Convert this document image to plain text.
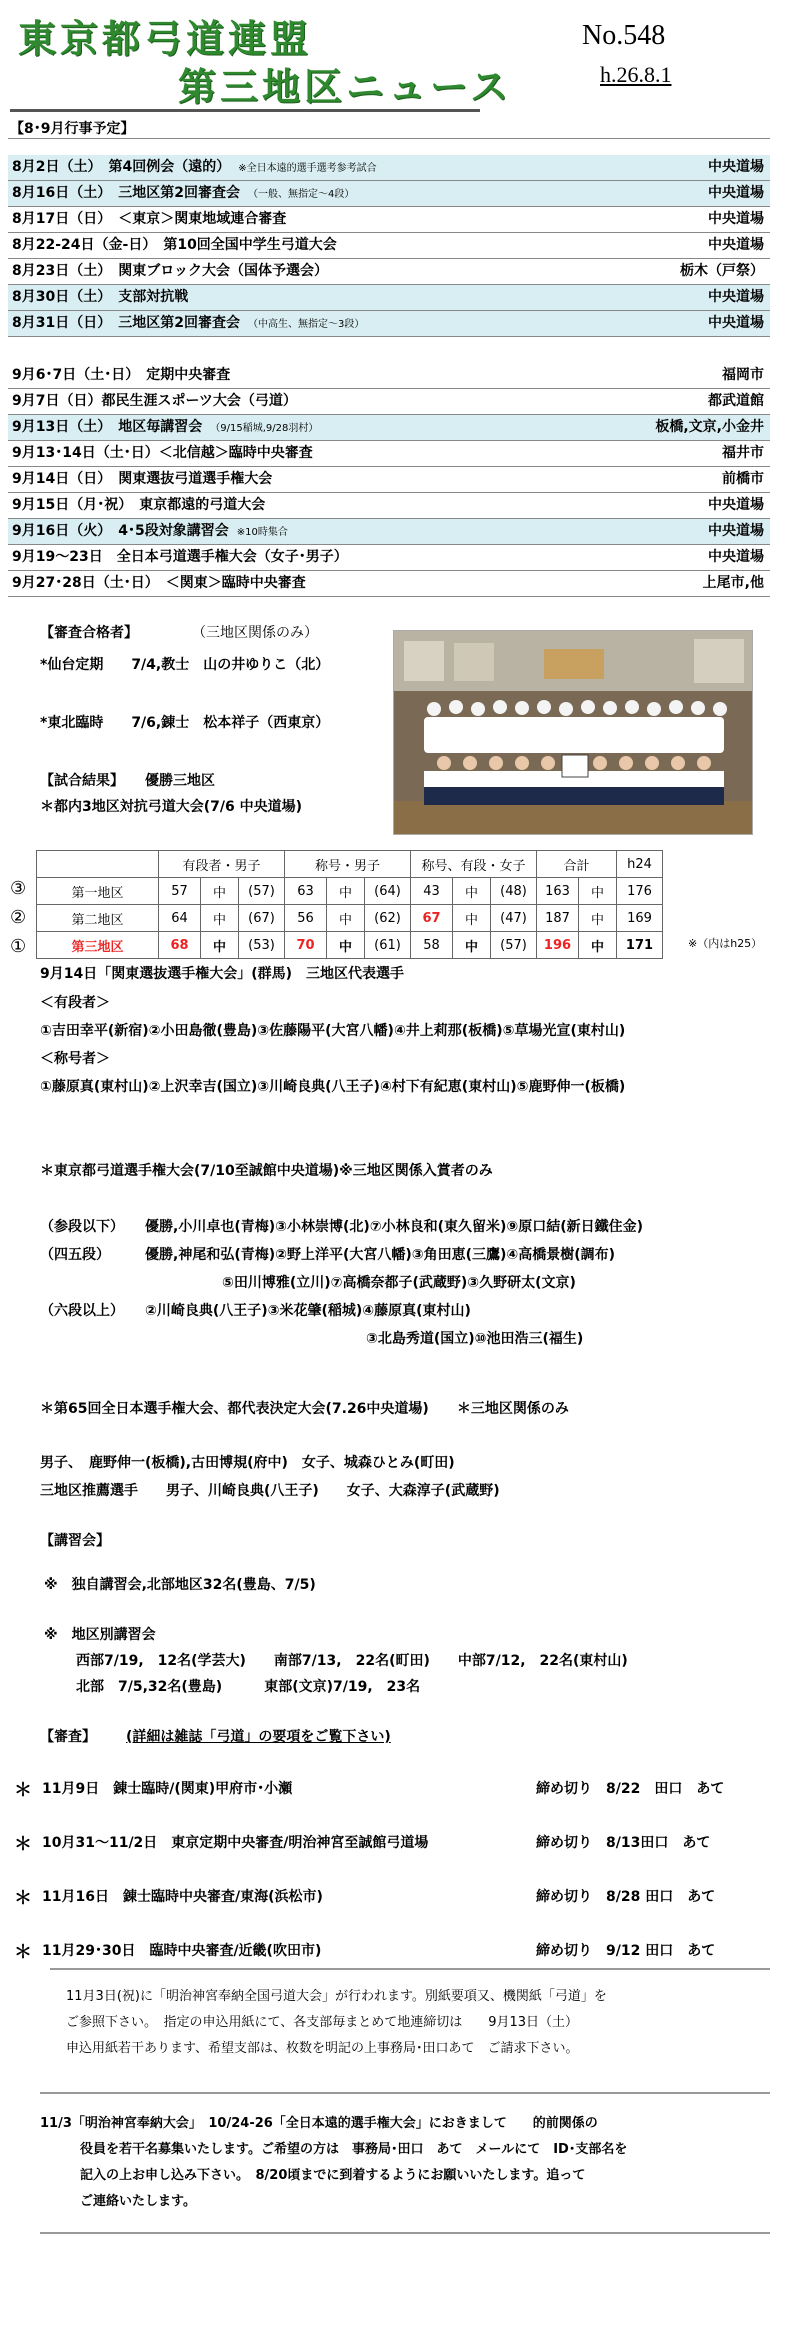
東京都弓道連盟
第三地区ニュース
No.548
h.26.8.1
【8･9月行事予定】
8月2日（土）　第4回例会（遠的） ※全日本遠的選手選考参考試合	中央道場
8月16日（土）　三地区第2回審査会 （一般、無指定～4段）	中央道場
8月17日（日）　＜東京＞関東地域連合審査	中央道場
8月22-24日（金-日）　第10回全国中学生弓道大会	中央道場
8月23日（土）　関東ブロック大会（国体予選会）	栃木（戸祭）
8月30日（土）　支部対抗戦	中央道場
8月31日（日）　三地区第2回審査会 （中高生、無指定～3段）	中央道場
9月6･7日（土･日）　定期中央審査	福岡市
9月7日（日）都民生涯スポーツ大会（弓道）	都武道館
9月13日（土）　地区毎講習会 （9/15稲城,9/28羽村）	板橋,文京,小金井
9月13･14日（土･日）＜北信越＞臨時中央審査	福井市
9月14日（日）　関東選抜弓道選手権大会	前橋市
9月15日（月･祝）　東京都遠的弓道大会	中央道場
9月16日（火）　4･5段対象講習会 ※10時集合	中央道場
9月19～23日　全日本弓道選手権大会（女子･男子）	中央道場
9月27･28日（土･日）　＜関東＞臨時中央審査	上尾市,他
【審査合格者】	（三地区関係のみ）
*仙台定期　　7/4,教士　山の井ゆりこ（北）
*東北臨時　　7/6,錬士　松本祥子（西東京）
【試合結果】　　優勝三地区
＊都内3地区対抗弓道大会(7/6 中央道場)
	有段者・男子			称号・男子			称号、有段・女子			合計		h24
第一地区	57	中	(57)	63	中	(64)	43	中	(48)	163	中	176
第二地区	64	中	(67)	56	中	(62)	67	中	(47)	187	中	169
第三地区	68	中	(53)	70	中	(61)	58	中	(57)	196	中	171	※（内はh25）
9月14日「関東選抜選手権大会」(群馬)　三地区代表選手
＜有段者＞
①吉田幸平(新宿)②小田島徹(豊島)③佐藤陽平(大宮八幡)④井上莉那(板橋)⑤草場光宣(東村山)
＜称号者＞
①藤原真(東村山)②上沢幸吉(国立)③川崎良典(八王子)④村下有紀恵(東村山)⑤鹿野伸一(板橋)
＊東京都弓道選手権大会(7/10至誠館中央道場)※三地区関係入賞者のみ
（参段以下）　　優勝,小川卓也(青梅)③小林崇博(北)⑦小林良和(東久留米)⑨原口結(新日鐵住金)
（四五段）　　　優勝,神尾和弘(青梅)②野上洋平(大宮八幡)③角田恵(三鷹)④高橋景樹(調布)
⑤田川博雅(立川)⑦高橋奈都子(武蔵野)③久野研太(文京)
（六段以上）　　②川崎良典(八王子)③米花肇(稲城)④藤原真(東村山)
③北島秀道(国立)⑩池田浩三(福生)
＊第65回全日本選手権大会、都代表決定大会(7.26中央道場)　　＊三地区関係のみ
男子、　鹿野伸一(板橋),古田博規(府中)　女子、城森ひとみ(町田)
三地区推薦選手　　男子、川崎良典(八王子)　　女子、大森淳子(武蔵野)
【講習会】
※　独自講習会,北部地区32名(豊島、7/5)
※　地区別講習会
西部7/19,　12名(学芸大)　　南部7/13,　22名(町田)　　中部7/12,　22名(東村山)
北部　7/5,32名(豊島)　　　東部(文京)7/19,　23名
【審査】 (詳細は雑誌「弓道」の要項をご覧下さい)
＊ 11月9日　錬士臨時/(関東)甲府市･小瀬	締め切り　8/22　田口　あて
＊ 10月31～11/2日　東京定期中央審査/明治神宮至誠館弓道場	締め切り　8/13田口　あて
＊ 11月16日　錬士臨時中央審査/東海(浜松市)	締め切り　8/28 田口　あて
＊ 11月29･30日　臨時中央審査/近畿(吹田市)	締め切り　9/12 田口　あて
11月3日(祝)に「明治神宮奉納全国弓道大会」が行われます。別紙要項又、機関紙「弓道」を
ご参照下さい。　指定の申込用紙にて、各支部毎まとめて地連締切は　　9月13日（土）
申込用紙若干あります、希望支部は、枚数を明記の上事務局･田口あて　ご請求下さい。
11/3「明治神宮奉納大会」　10/24-26「全日本遠的選手権大会」におきまして　　的前関係の
役員を若干名募集いたします。ご希望の方は　事務局･田口　あて　メールにて　ID･支部名を
記入の上お申し込み下さい。　8/20頃までに到着するようにお願いいたします。追って
ご連絡いたします。
③
②
①
